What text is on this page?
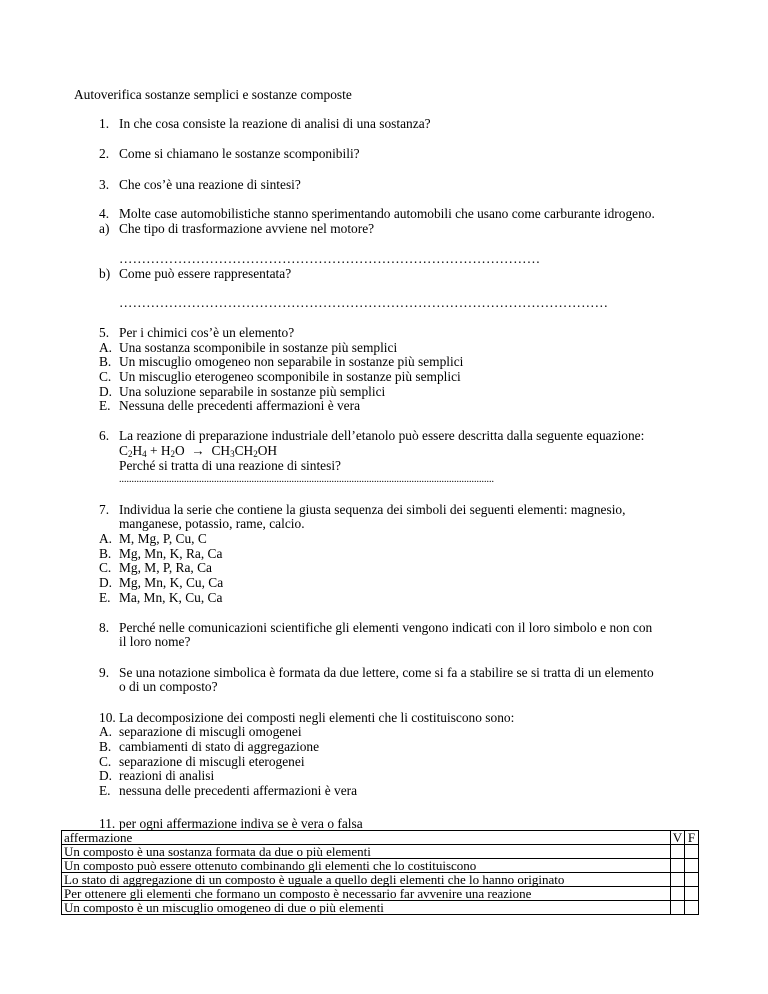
Autoverifica sostanze semplici e sostanze composte
1. In che cosa consiste la reazione di analisi di una sostanza?
2. Come si chiamano le sostanze scomponibili?
3. Che cos’è una reazione di sintesi?
4. Molte case automobilistiche stanno sperimentando automobili che usano come carburante idrogeno.
a) Che tipo di trasformazione avviene nel motore?
…………………………………………………………………………………
b) Come può essere rappresentata?
………………………………………………………………………………………………
5. Per i chimici cos’è un elemento?
A. Una sostanza scomponibile in sostanze più semplici
B. Un miscuglio omogeneo non separabile in sostanze più semplici
C. Un miscuglio eterogeneo scomponibile in sostanze più semplici
D. Una soluzione separabile in sostanze più semplici
E. Nessuna delle precedenti affermazioni è vera
6. La reazione di preparazione industriale dell’etanolo può essere descritta dalla seguente equazione:
$C_2H_4 + H_2O \to CH_3CH_2OH$
Perché si tratta di una reazione di sintesi?
......................................................................................................................................................
7. Individua la serie che contiene la giusta sequenza dei simboli dei seguenti elementi: magnesio,
manganese, potassio, rame, calcio.
A. M, Mg, P, Cu, C
B. Mg, Mn, K, Ra, Ca
C. Mg, M, P, Ra, Ca
D. Mg, Mn, K, Cu, Ca
E. Ma, Mn, K, Cu, Ca
8. Perché nelle comunicazioni scientifiche gli elementi vengono indicati con il loro simbolo e non con
il loro nome?
9. Se una notazione simbolica è formata da due lettere, come si fa a stabilire se si tratta di un elemento
o di un composto?
10. La decomposizione dei composti negli elementi che li costituiscono sono:
A. separazione di miscugli omogenei
B. cambiamenti di stato di aggregazione
C. separazione di miscugli eterogenei
D. reazioni di analisi
E. nessuna delle precedenti affermazioni è vera
11. per ogni affermazione indiva se è vera o falsa
affermazione	V	F
Un composto è una sostanza formata da due o più elementi		
Un composto può essere ottenuto combinando gli elementi che lo costituiscono		
Lo stato di aggregazione di un composto è uguale a quello degli elementi che lo hanno originato		
Per ottenere gli elementi che formano un composto è necessario far avvenire una reazione		
Un composto è un miscuglio omogeneo di due o più elementi		
